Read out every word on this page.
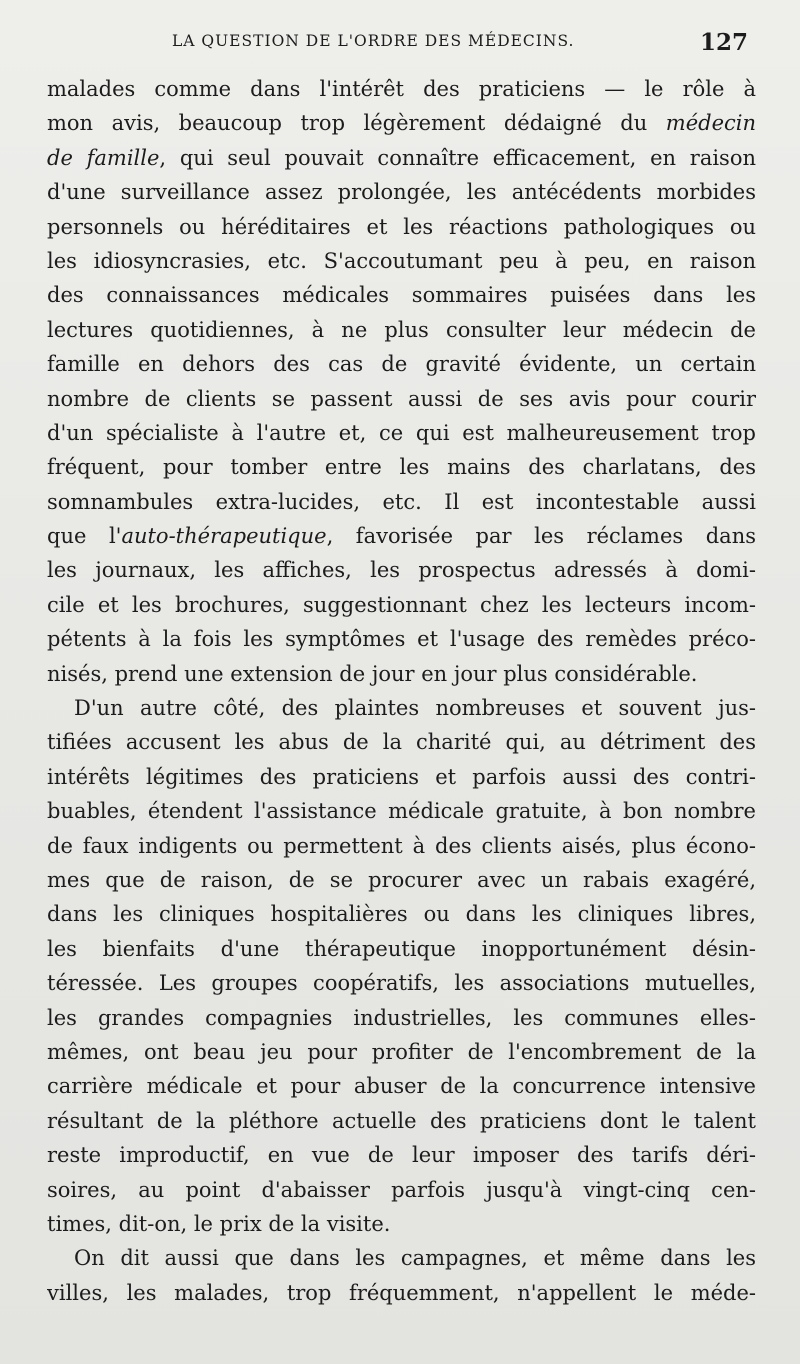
LA QUESTION DE L'ORDRE DES MÉDECINS.	127
malades comme dans l'intérêt des praticiens — le rôle à
mon avis, beaucoup trop légèrement dédaigné du médecin
de famille, qui seul pouvait connaître efficacement, en raison
d'une surveillance assez prolongée, les antécédents morbides
personnels ou héréditaires et les réactions pathologiques ou
les idiosyncrasies, etc. S'accoutumant peu à peu, en raison
des connaissances médicales sommaires puisées dans les
lectures quotidiennes, à ne plus consulter leur médecin de
famille en dehors des cas de gravité évidente, un certain
nombre de clients se passent aussi de ses avis pour courir
d'un spécialiste à l'autre et, ce qui est malheureusement trop
fréquent, pour tomber entre les mains des charlatans, des
somnambules extra-lucides, etc. Il est incontestable aussi
que l'auto-thérapeutique, favorisée par les réclames dans
les journaux, les affiches, les prospectus adressés à domi-
cile et les brochures, suggestionnant chez les lecteurs incom-
pétents à la fois les symptômes et l'usage des remèdes préco-
nisés, prend une extension de jour en jour plus considérable.
D'un autre côté, des plaintes nombreuses et souvent jus-
tifiées accusent les abus de la charité qui, au détriment des
intérêts légitimes des praticiens et parfois aussi des contri-
buables, étendent l'assistance médicale gratuite, à bon nombre
de faux indigents ou permettent à des clients aisés, plus écono-
mes que de raison, de se procurer avec un rabais exagéré,
dans les cliniques hospitalières ou dans les cliniques libres,
les bienfaits d'une thérapeutique inopportunément désin-
téressée. Les groupes coopératifs, les associations mutuelles,
les grandes compagnies industrielles, les communes elles-
mêmes, ont beau jeu pour profiter de l'encombrement de la
carrière médicale et pour abuser de la concurrence intensive
résultant de la pléthore actuelle des praticiens dont le talent
reste improductif, en vue de leur imposer des tarifs déri-
soires, au point d'abaisser parfois jusqu'à vingt-cinq cen-
times, dit-on, le prix de la visite.
On dit aussi que dans les campagnes, et même dans les
villes, les malades, trop fréquemment, n'appellent le méde-
